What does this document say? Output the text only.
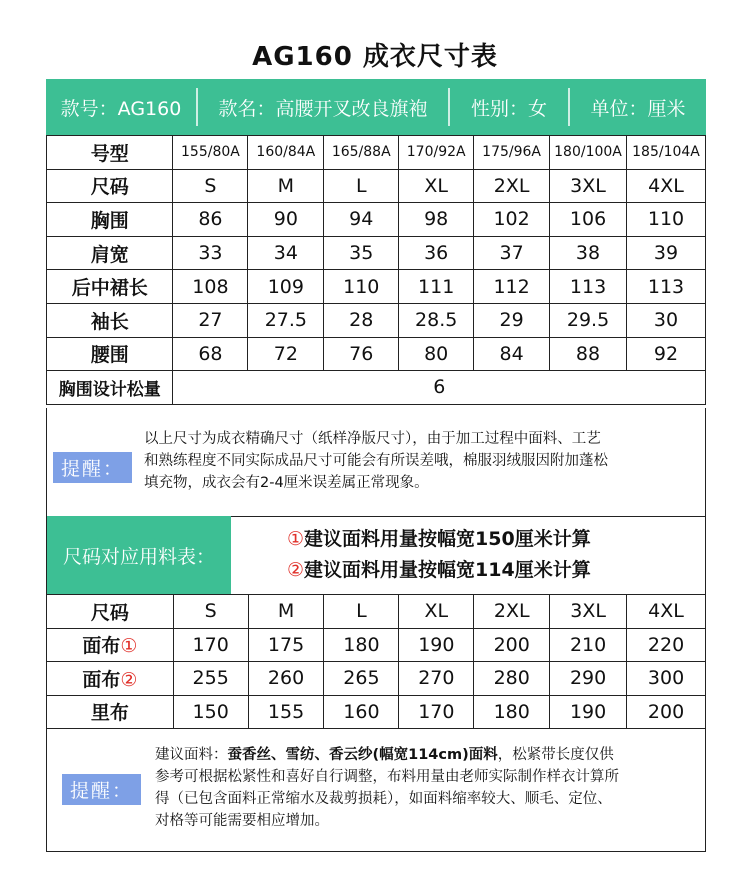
AG160 成衣尺寸表
款号：AG160	款名：高腰开叉改良旗袍	性别：女	单位：厘米
号型	155/80A	160/84A	165/88A	170/92A	175/96A	180/100A	185/104A
尺码	S	M	L	XL	2XL	3XL	4XL
胸围	86	90	94	98	102	106	110
肩宽	33	34	35	36	37	38	39
后中裙长	108	109	110	111	112	113	113
袖长	27	27.5	28	28.5	29	29.5	30
腰围	68	72	76	80	84	88	92
胸围设计松量	6						
提醒：
以上尺寸为成衣精确尺寸（纸样净版尺寸），由于加工过程中面料、工艺
和熟练程度不同实际成品尺寸可能会有所误差哦，棉服羽绒服因附加蓬松
填充物，成衣会有2-4厘米误差属正常现象。
尺码对应用料表：
①建议面料用量按幅宽150厘米计算
②建议面料用量按幅宽114厘米计算
尺码	S	M	L	XL	2XL	3XL	4XL
面布①	170	175	180	190	200	210	220
面布②	255	260	265	270	280	290	300
里布	150	155	160	170	180	190	200
提醒：
建议面料：蚕香丝、雪纺、香云纱(幅宽114cm)面料，松紧带长度仅供
参考可根据松紧性和喜好自行调整，布料用量由老师实际制作样衣计算所
得（已包含面料正常缩水及裁剪损耗），如面料缩率较大、顺毛、定位、
对格等可能需要相应增加。
